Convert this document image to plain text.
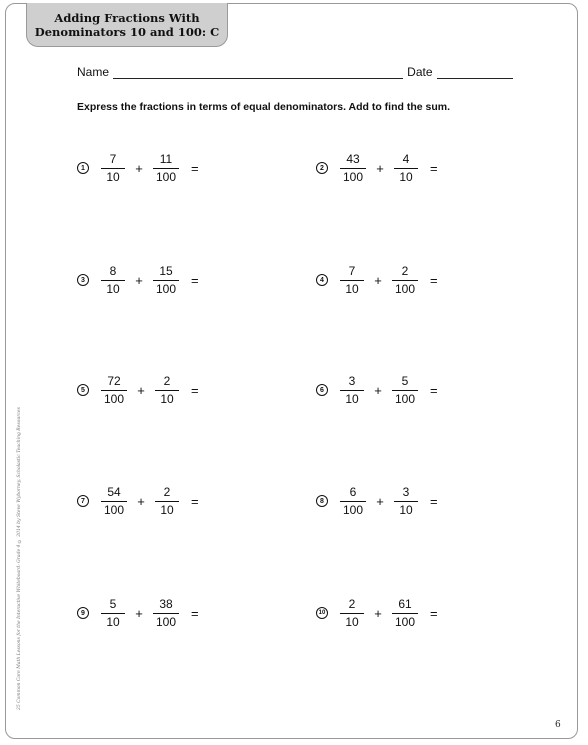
Adding Fractions With
Denominators 10 and 100: C
Name	Date
Express the fractions in terms of equal denominators. Add to find the sum.
1	$\frac{7}{10} + \frac{11}{100}$ =	2	$\frac{43}{100} + \frac{4}{10}$ =
3	$\frac{8}{10} + \frac{15}{100}$ =	4	$\frac{7}{10} + \frac{2}{100}$ =
5	$\frac{72}{100} + \frac{2}{10}$ =	6	$\frac{3}{10} + \frac{5}{100}$ =
7	$\frac{54}{100} + \frac{2}{10}$ =	8	$\frac{6}{100} + \frac{3}{10}$ =
9	$\frac{5}{10} + \frac{38}{100}$ =	$10 \frac{2}{10} + \frac{61}{100}$ =
25 Common Core Math Lessons for the Interactive Whiteboard: Grade 4 © 2014 by Steve Wyborney, Scholastic Teaching Resources
6
